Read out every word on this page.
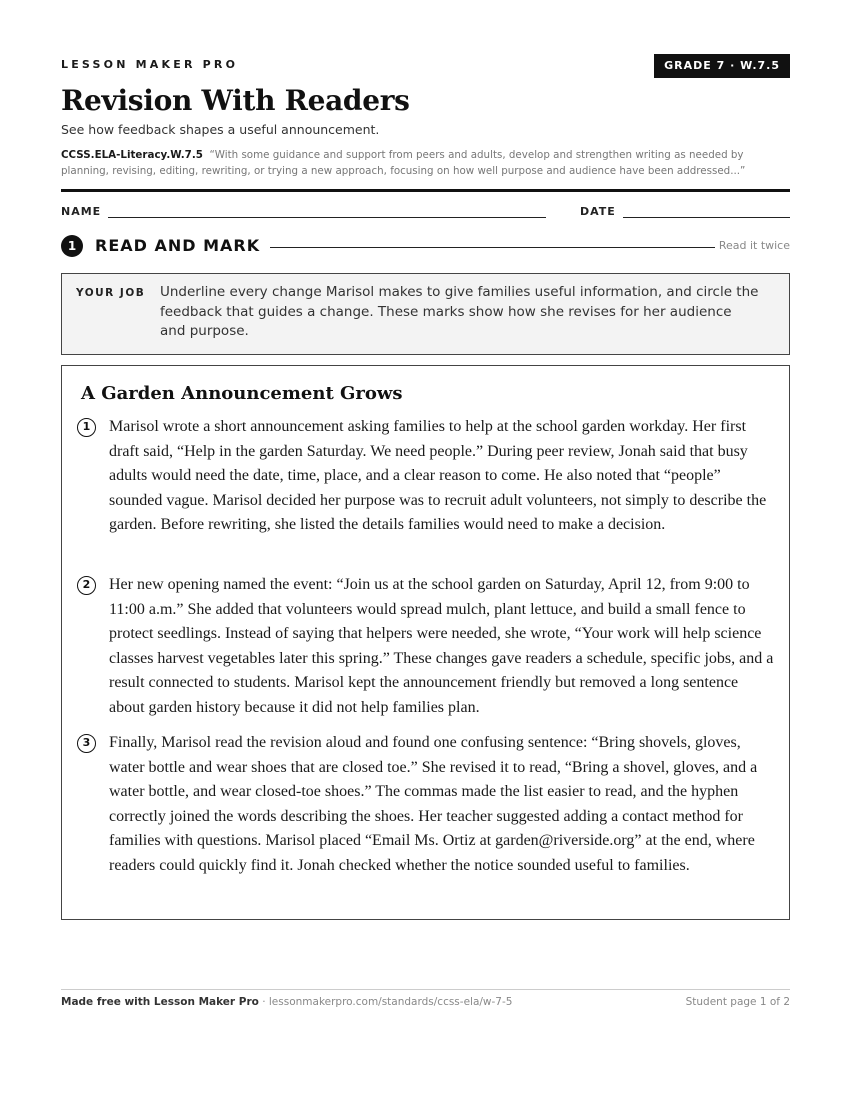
LESSON MAKER PRO	GRADE 7 · W.7.5
Revision With Readers
See how feedback shapes a useful announcement.
CCSS.ELA-Literacy.W.7.5 “With some guidance and support from peers and adults, develop and strengthen writing as needed by planning, revising, editing, rewriting, or trying a new approach, focusing on how well purpose and audience have been addressed...”
NAME	DATE
1	READ AND MARK	Read it twice
YOUR JOB Underline every change Marisol makes to give families useful information, and circle the feedback that guides a change. These marks show how she revises for her audience and purpose.
A Garden Announcement Grows
1	Marisol wrote a short announcement asking families to help at the school garden workday. Her first draft said, “Help in the garden Saturday. We need people.” During peer review, Jonah said that busy adults would need the date, time, place, and a clear reason to come. He also noted that “people” sounded vague. Marisol decided her purpose was to recruit adult volunteers, not simply to describe the garden. Before rewriting, she listed the details families would need to make a decision.

2	Her new opening named the event: “Join us at the school garden on Saturday, April 12, from 9:00 to 11:00 a.m.” She added that volunteers would spread mulch, plant lettuce, and build a small fence to protect seedlings. Instead of saying that helpers were needed, she wrote, “Your work will help science classes harvest vegetables later this spring.” These changes gave readers a schedule, specific jobs, and a result connected to students. Marisol kept the announcement friendly but removed a long sentence about garden history because it did not help families plan.

3	Finally, Marisol read the revision aloud and found one confusing sentence: “Bring shovels, gloves, water bottle and wear shoes that are closed toe.” She revised it to read, “Bring a shovel, gloves, and a water bottle, and wear closed-toe shoes.” The commas made the list easier to read, and the hyphen correctly joined the words describing the shoes. Her teacher suggested adding a contact method for families with questions. Marisol placed “Email Ms. Ortiz at garden@riverside.org” at the end, where readers could quickly find it. Jonah checked whether the notice sounded useful to families.

Made free with Lesson Maker Pro · lessonmakerpro.com/standards/ccss-ela/w-7-5	Student page 1 of 2
